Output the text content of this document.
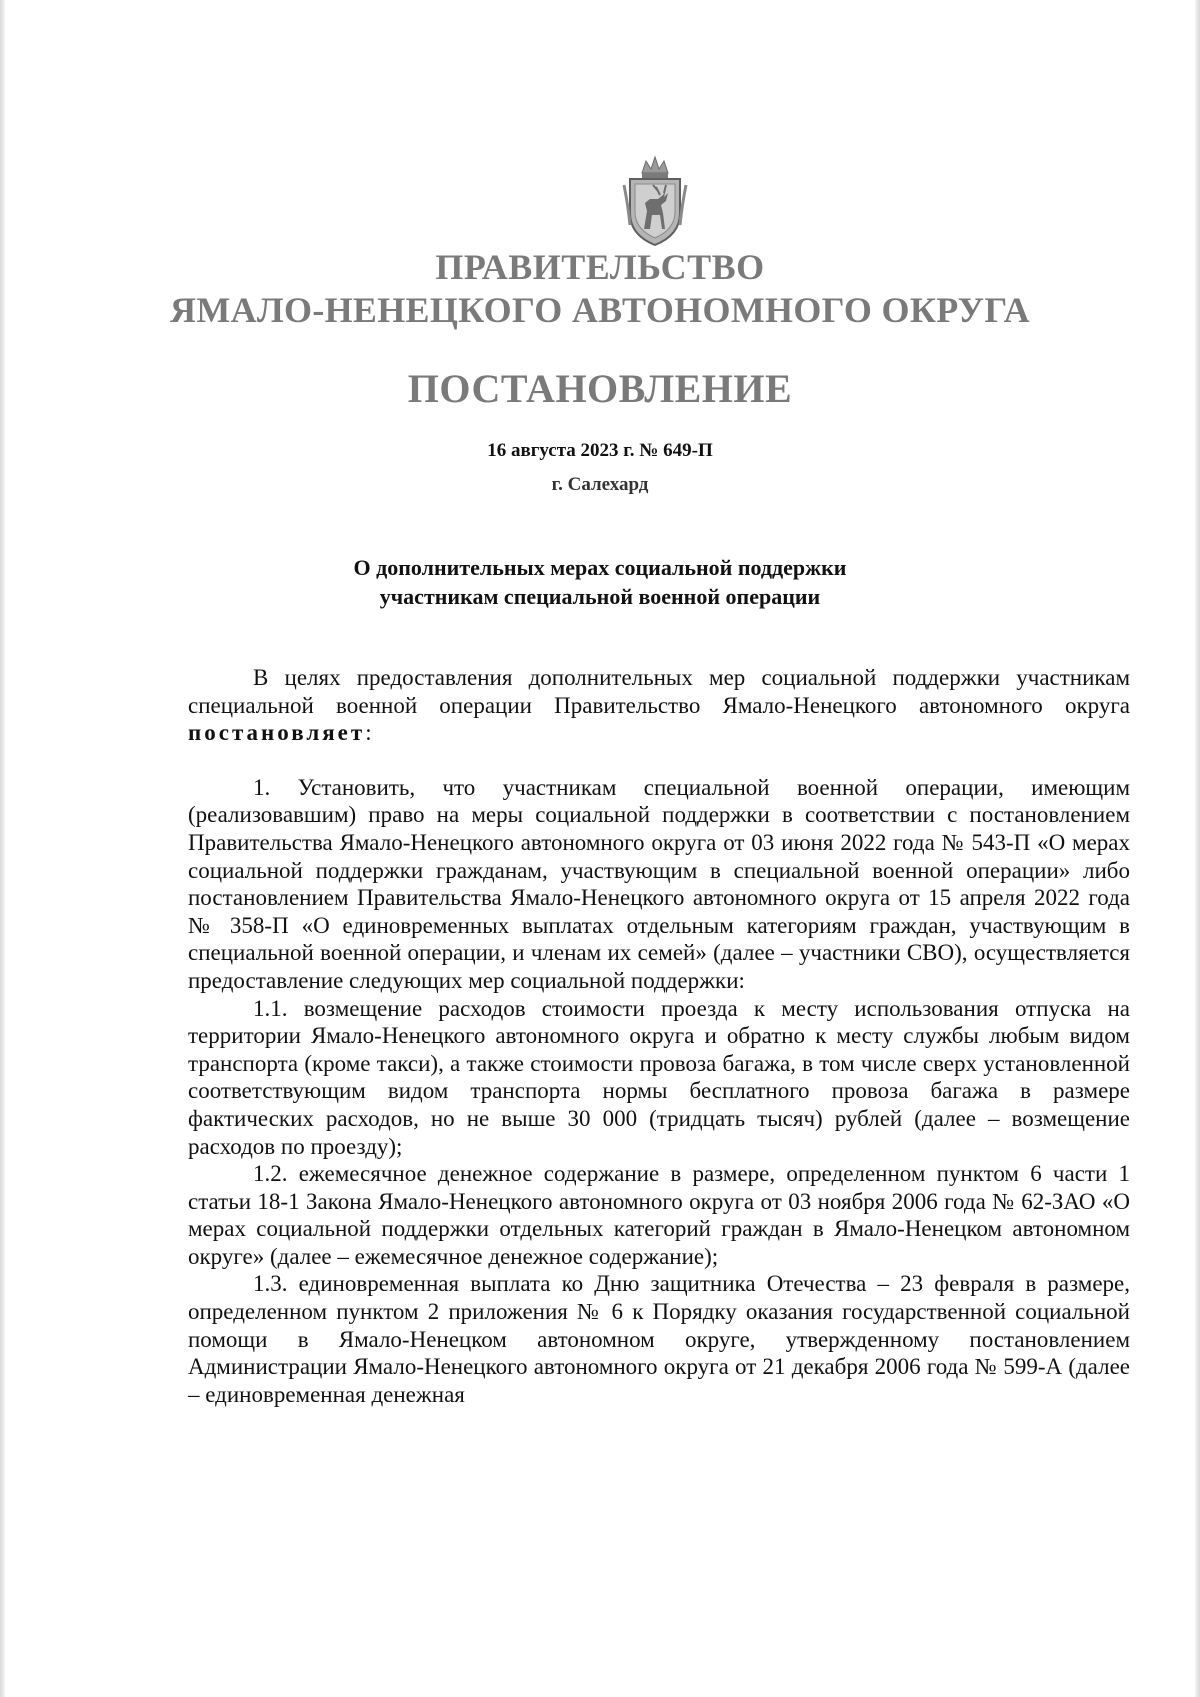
ПРАВИТЕЛЬСТВО
ЯМАЛО-НЕНЕЦКОГО АВТОНОМНОГО ОКРУГА
ПОСТАНОВЛЕНИЕ
16 августа 2023 г. № 649-П
г. Салехард
О дополнительных мерах социальной поддержки
участникам специальной военной операции

В целях предоставления дополнительных мер социальной поддержки участникам специальной военной операции Правительство Ямало-Ненецкого автономного округа постановляет:

1. Установить, что участникам специальной военной операции, имеющим (реализовавшим) право на меры социальной поддержки в соответствии с постановлением Правительства Ямало-Ненецкого автономного округа от 03 июня 2022 года № 543-П «О мерах социальной поддержки гражданам, участвующим в специальной военной операции» либо постановлением Правительства Ямало-Ненецкого автономного округа от 15 апреля 2022 года № 358-П «О единовременных выплатах отдельным категориям граждан, участвующим в специальной военной операции, и членам их семей» (далее – участники СВО), осуществляется предоставление следующих мер социальной поддержки:

1.1. возмещение расходов стоимости проезда к месту использования отпуска на территории Ямало-Ненецкого автономного округа и обратно к месту службы любым видом транспорта (кроме такси), а также стоимости провоза багажа, в том числе сверх установленной соответствующим видом транспорта нормы бесплатного провоза багажа в размере фактических расходов, но не выше 30 000 (тридцать тысяч) рублей (далее – возмещение расходов по проезду);

1.2. ежемесячное денежное содержание в размере, определенном пунктом 6 части 1 статьи 18-1 Закона Ямало-Ненецкого автономного округа от 03 ноября 2006 года № 62-ЗАО «О мерах социальной поддержки отдельных категорий граждан в Ямало-Ненецком автономном округе» (далее – ежемесячное денежное содержание);

1.3. единовременная выплата ко Дню защитника Отечества – 23 февраля в размере, определенном пунктом 2 приложения № 6 к Порядку оказания государственной социальной помощи в Ямало-Ненецком автономном округе, утвержденному постановлением Администрации Ямало-Ненецкого автономного округа от 21 декабря 2006 года № 599-А (далее – единовременная денежная
